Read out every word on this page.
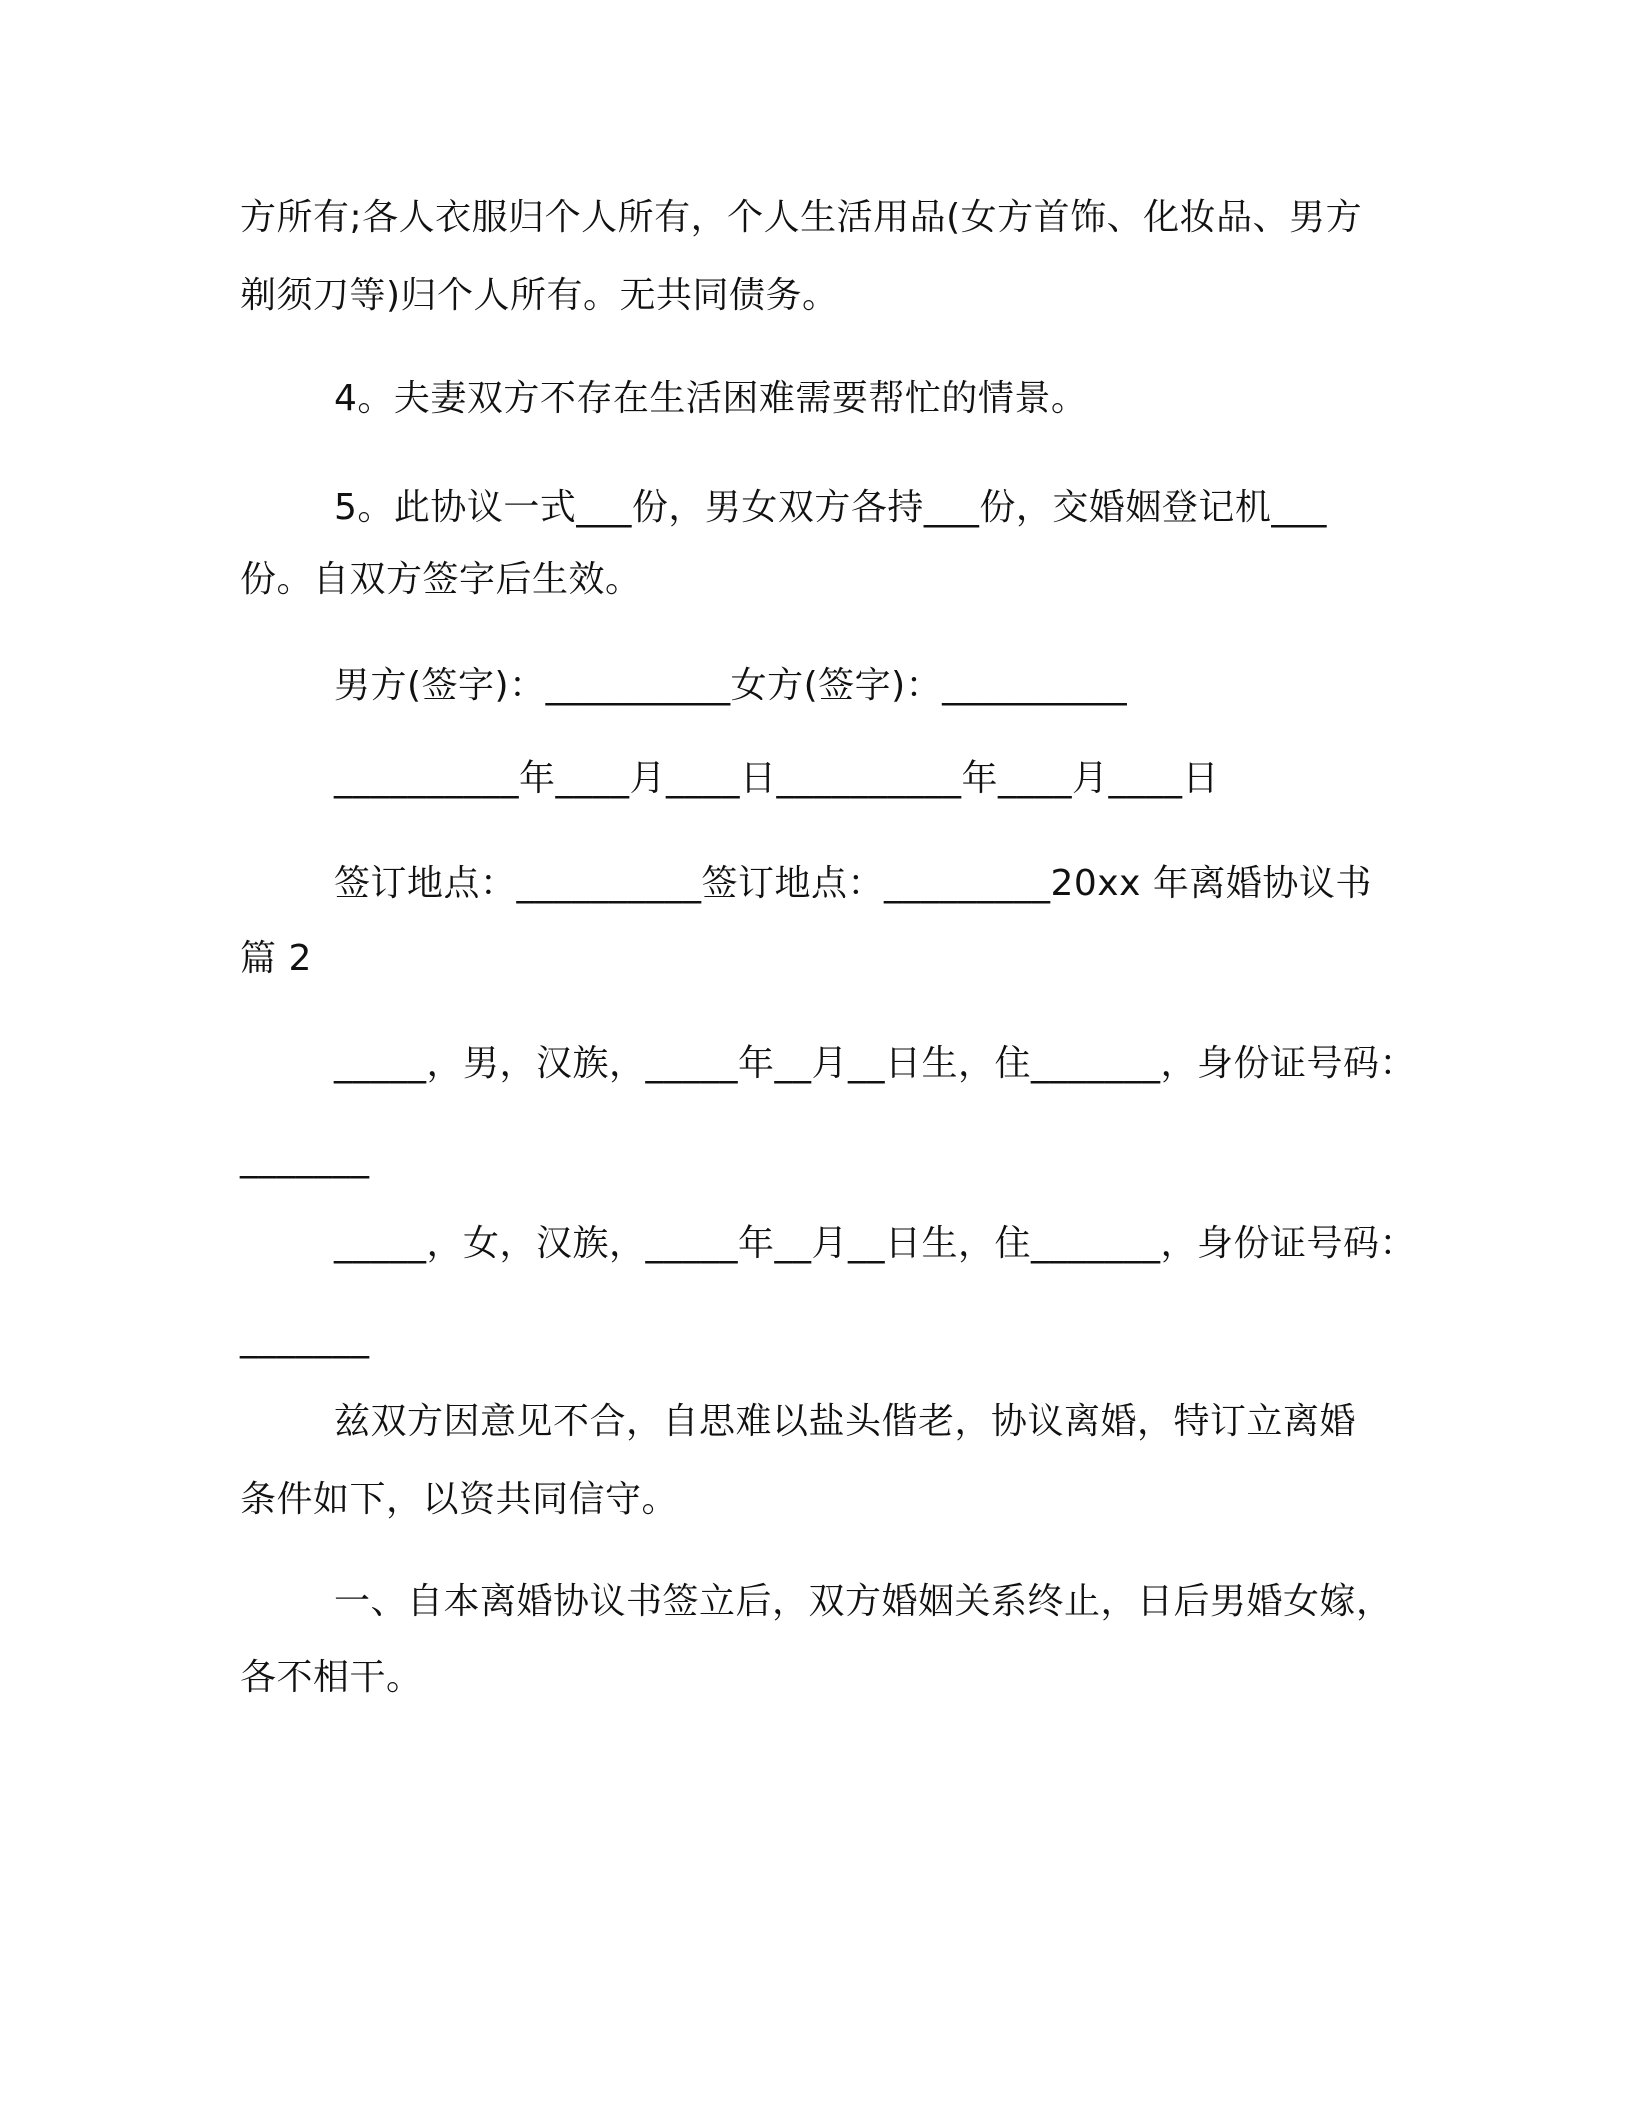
方所有;各人衣服归个人所有，个人生活用品(女方首饰、化妆品、男方
剃须刀等)归个人所有。无共同债务。
4。夫妻双方不存在生活困难需要帮忙的情景。
5。此协议一式___份，男女双方各持___份，交婚姻登记机___
份。自双方签字后生效。
男方(签字)：__________女方(签字)：__________
__________年____月____日__________年____月____日
签订地点：__________签订地点：_________20xx 年离婚协议书
篇 2
_____，男，汉族，_____年__月__日生，住_______，身份证号码：
_______
_____，女，汉族，_____年__月__日生，住_______，身份证号码：
_______
兹双方因意见不合，自思难以盐头偕老，协议离婚，特订立离婚
条件如下，以资共同信守。
一、自本离婚协议书签立后，双方婚姻关系终止，日后男婚女嫁，
各不相干。
